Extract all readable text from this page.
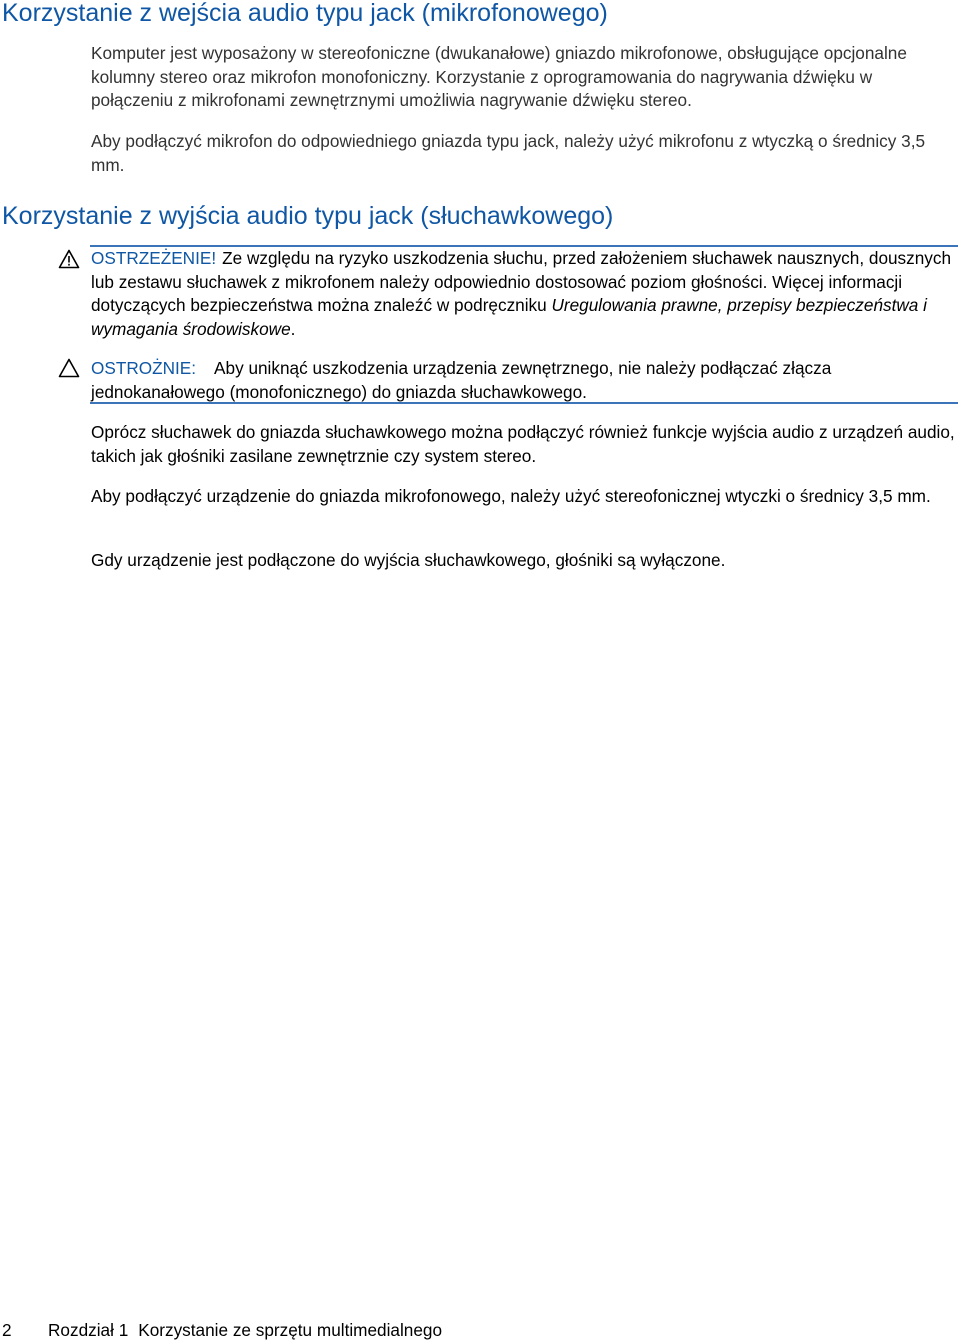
Korzystanie z wejścia audio typu jack (mikrofonowego)

Komputer jest wyposażony w stereofoniczne (dwukanałowe) gniazdo mikrofonowe, obsługujące opcjonalne kolumny stereo oraz mikrofon monofoniczny. Korzystanie z oprogramowania do nagrywania dźwięku w połączeniu z mikrofonami zewnętrznymi umożliwia nagrywanie dźwięku stereo.

Aby podłączyć mikrofon do odpowiedniego gniazda typu jack, należy użyć mikrofonu z wtyczką o średnicy 3,5 mm.

Korzystanie z wyjścia audio typu jack (słuchawkowego)

OSTRZEŻENIE! Ze względu na ryzyko uszkodzenia słuchu, przed założeniem słuchawek nausznych, dousznych lub zestawu słuchawek z mikrofonem należy odpowiednio dostosować poziom głośności. Więcej informacji dotyczących bezpieczeństwa można znaleźć w podręczniku Uregulowania prawne, przepisy bezpieczeństwa i wymagania środowiskowe.

OSTROŻNIE: Aby uniknąć uszkodzenia urządzenia zewnętrznego, nie należy podłączać złącza jednokanałowego (monofonicznego) do gniazda słuchawkowego.

Oprócz słuchawek do gniazda słuchawkowego można podłączyć również funkcje wyjścia audio z urządzeń audio, takich jak głośniki zasilane zewnętrznie czy system stereo.

Aby podłączyć urządzenie do gniazda mikrofonowego, należy użyć stereofonicznej wtyczki o średnicy 3,5 mm.

Gdy urządzenie jest podłączone do wyjścia słuchawkowego, głośniki są wyłączone.

2 Rozdział 1 Korzystanie ze sprzętu multimedialnego
